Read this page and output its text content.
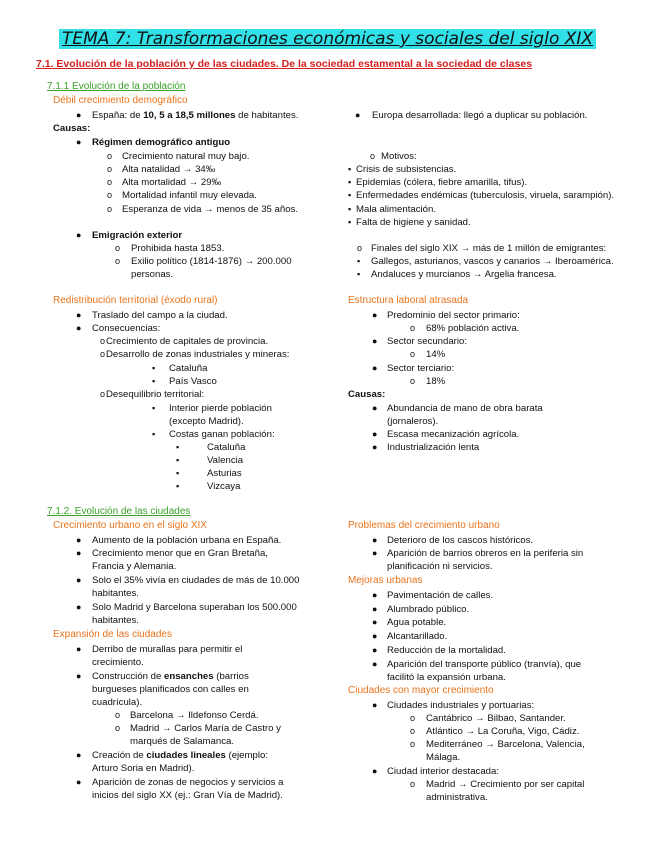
TEMA 7: Transformaciones económicas y sociales del siglo XIX
7.1. Evolución de la población y de las ciudades. De la sociedad estamental a la sociedad de clases
7.1.1 Evolución de la población
Débil crecimiento demográfico
● España: de 10, 5 a 18,5 millones de habitantes.
Causas:
● Régimen demográfico antiguo
o Crecimiento natural muy bajo.
o Alta natalidad → 34‰
o Alta mortalidad → 29‰
o Mortalidad infantil muy elevada.
o Esperanza de vida → menos de 35 años.
● Emigración exterior
o Prohibida hasta 1853.
o Exilio político (1814-1876) → 200.000
personas.
● Europa desarrollada: llegó a duplicar su población.
o Motivos:
▪ Crisis de subsistencias.
▪ Epidemias (cólera, fiebre amarilla, tifus).
▪ Enfermedades endémicas (tuberculosis, viruela, sarampión).
▪ Mala alimentación.
▪ Falta de higiene y sanidad.
o Finales del siglo XIX → más de 1 millón de emigrantes:
▪ Gallegos, asturianos, vascos y canarios → Iberoamérica.
▪ Andaluces y murcianos → Argelia francesa.
Redistribución territorial (éxodo rural)
● Traslado del campo a la ciudad.
● Consecuencias:
o Crecimiento de capitales de provincia.
o Desarrollo de zonas industriales y mineras:
▪ Cataluña
▪ País Vasco
o Desequilibrio territorial:
▪ Interior pierde población
(excepto Madrid).
▪ Costas ganan población:
▪	Cataluña
▪	Valencia
▪	Asturias
▪	Vizcaya
Estructura laboral atrasada
● Predominio del sector primario:
o 68% población activa.
● Sector secundario:
o 14%
● Sector terciario:
o 18%
Causas:
● Abundancia de mano de obra barata
(jornaleros).
● Escasa mecanización agrícola.
● Industrialización lenta
7.1.2. Evolución de las ciudades
Crecimiento urbano en el siglo XIX
● Aumento de la población urbana en España.
● Crecimiento menor que en Gran Bretaña,
Francia y Alemania.
● Solo el 35% vivía en ciudades de más de 10.000
habitantes.
● Solo Madrid y Barcelona superaban los 500.000
habitantes.
Expansión de las ciudades
● Derribo de murallas para permitir el
crecimiento.
● Construcción de ensanches (barrios
burgueses planificados con calles en
cuadrícula).
o Barcelona → Ildefonso Cerdá.
o Madrid → Carlos María de Castro y
marqués de Salamanca.
● Creación de ciudades lineales (ejemplo:
Arturo Soria en Madrid).
● Aparición de zonas de negocios y servicios a
inicios del siglo XX (ej.: Gran Vía de Madrid).
Problemas del crecimiento urbano
● Deterioro de los cascos históricos.
● Aparición de barrios obreros en la periferia sin
planificación ni servicios.
Mejoras urbanas
● Pavimentación de calles.
● Alumbrado público.
● Agua potable.
● Alcantarillado.
● Reducción de la mortalidad.
● Aparición del transporte público (tranvía), que
facilitó la expansión urbana.
Ciudades con mayor crecimiento
● Ciudades industriales y portuarias:
o Cantábrico → Bilbao, Santander.
o Atlántico → La Coruña, Vigo, Cádiz.
o Mediterráneo → Barcelona, Valencia,
Málaga.
● Ciudad interior destacada:
o Madrid → Crecimiento por ser capital
administrativa.
